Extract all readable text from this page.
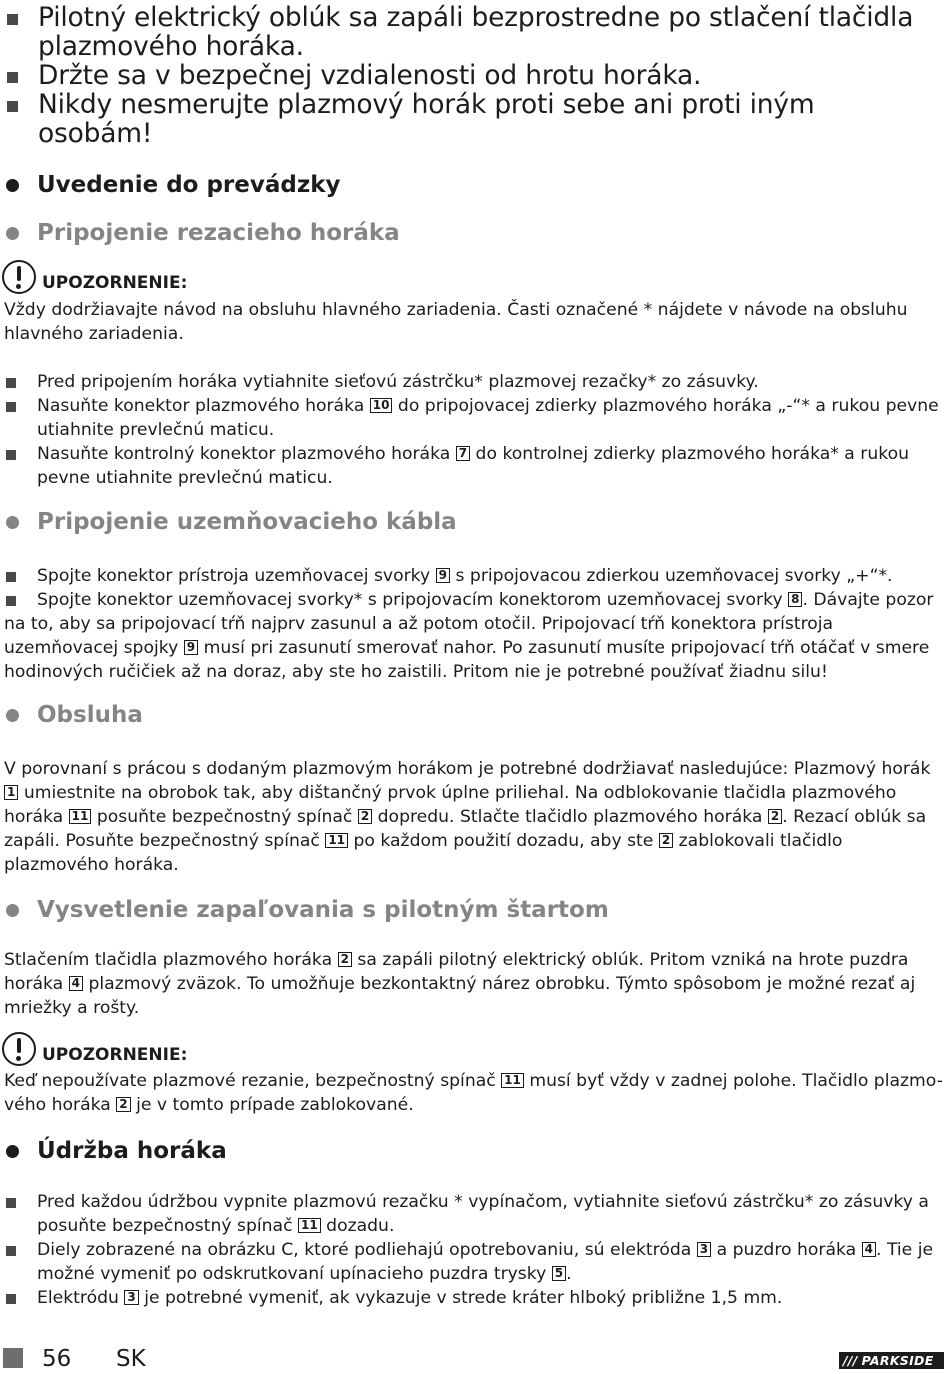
Pilotný elektrický oblúk sa zapáli bezprostredne po stlačení tlačidla plazmového horáka.
Držte sa v bezpečnej vzdialenosti od hrotu horáka.
Nikdy nesmerujte plazmový horák proti sebe ani proti iným osobám!
Uvedenie do prevádzky
Pripojenie rezacieho horáka
UPOZORNENIE:
Vždy dodržiavajte návod na obsluhu hlavného zariadenia. Časti označené * nájdete v návode na obsluhu hlavného zariadenia.
Pred pripojením horáka vytiahnite sieťovú zástrčku* plazmovej rezačky* zo zásuvky.
Nasuňte konektor plazmového horáka 10 do pripojovacej zdierky plazmového horáka „-“* a rukou pevne utiahnite prevlečnú maticu.
Nasuňte kontrolný konektor plazmového horáka 7 do kontrolnej zdierky plazmového horáka* a rukou pevne utiahnite prevlečnú maticu.
Pripojenie uzemňovacieho kábla
Spojte konektor prístroja uzemňovacej svorky 9 s pripojovacou zdierkou uzemňovacej svorky „+“*.
Spojte konektor uzemňovacej svorky* s pripojovacím konektorom uzemňovacej svorky 8 . Dávajte pozor na to, aby sa pripojovací tŕň najprv zasunul a až potom otočil. Pripojovací tŕň konektora prístroja uzemňovacej spojky 9 musí pri zasunutí smerovať nahor. Po zasunutí musíte pripojovací tŕň otáčať v smere hodinových ručičiek až na doraz, aby ste ho zaistili. Pritom nie je potrebné používať žiadnu silu!
Obsluha
V porovnaní s prácou s dodaným plazmovým horákom je potrebné dodržiavať nasledujúce: Plazmový horák 1 umiestnite na obrobok tak, aby dištančný prvok úplne priliehal. Na odblokovanie tlačidla plazmového horáka 11 posuňte bezpečnostný spínač 2 dopredu. Stlačte tlačidlo plazmového horáka 2 . Rezací oblúk sa zapáli. Posuňte bezpečnostný spínač 11 po každom použití dozadu, aby ste 2 zablokovali tlačidlo plazmového horáka.
Vysvetlenie zapaľovania s pilotným štartom
Stlačením tlačidla plazmového horáka 2 sa zapáli pilotný elektrický oblúk. Pritom vzniká na hrote puzdra horáka 4 plazmový zväzok. To umožňuje bezkontaktný nárez obrobku. Týmto spôsobom je možné rezať aj mriežky a rošty.
UPOZORNENIE:
Keď nepoužívate plazmové rezanie, bezpečnostný spínač 11 musí byť vždy v zadnej polohe. Tlačidlo plazmo-vého horáka 2 je v tomto prípade zablokované.
Údržba horáka
Pred každou údržbou vypnite plazmovú rezačku * vypínačom, vytiahnite sieťovú zástrčku* zo zásuvky a posuňte bezpečnostný spínač 11 dozadu.
Diely zobrazené na obrázku C, ktoré podliehajú opotrebovaniu, sú elektróda 3 a puzdro horáka 4 . Tie je možné vymeniť po odskrutkovaní upínacieho puzdra trysky 5 .
Elektródu 3 je potrebné vymeniť, ak vykazuje v strede kráter hlboký približne 1,5 mm.
56 SK	/// PARKSIDE
